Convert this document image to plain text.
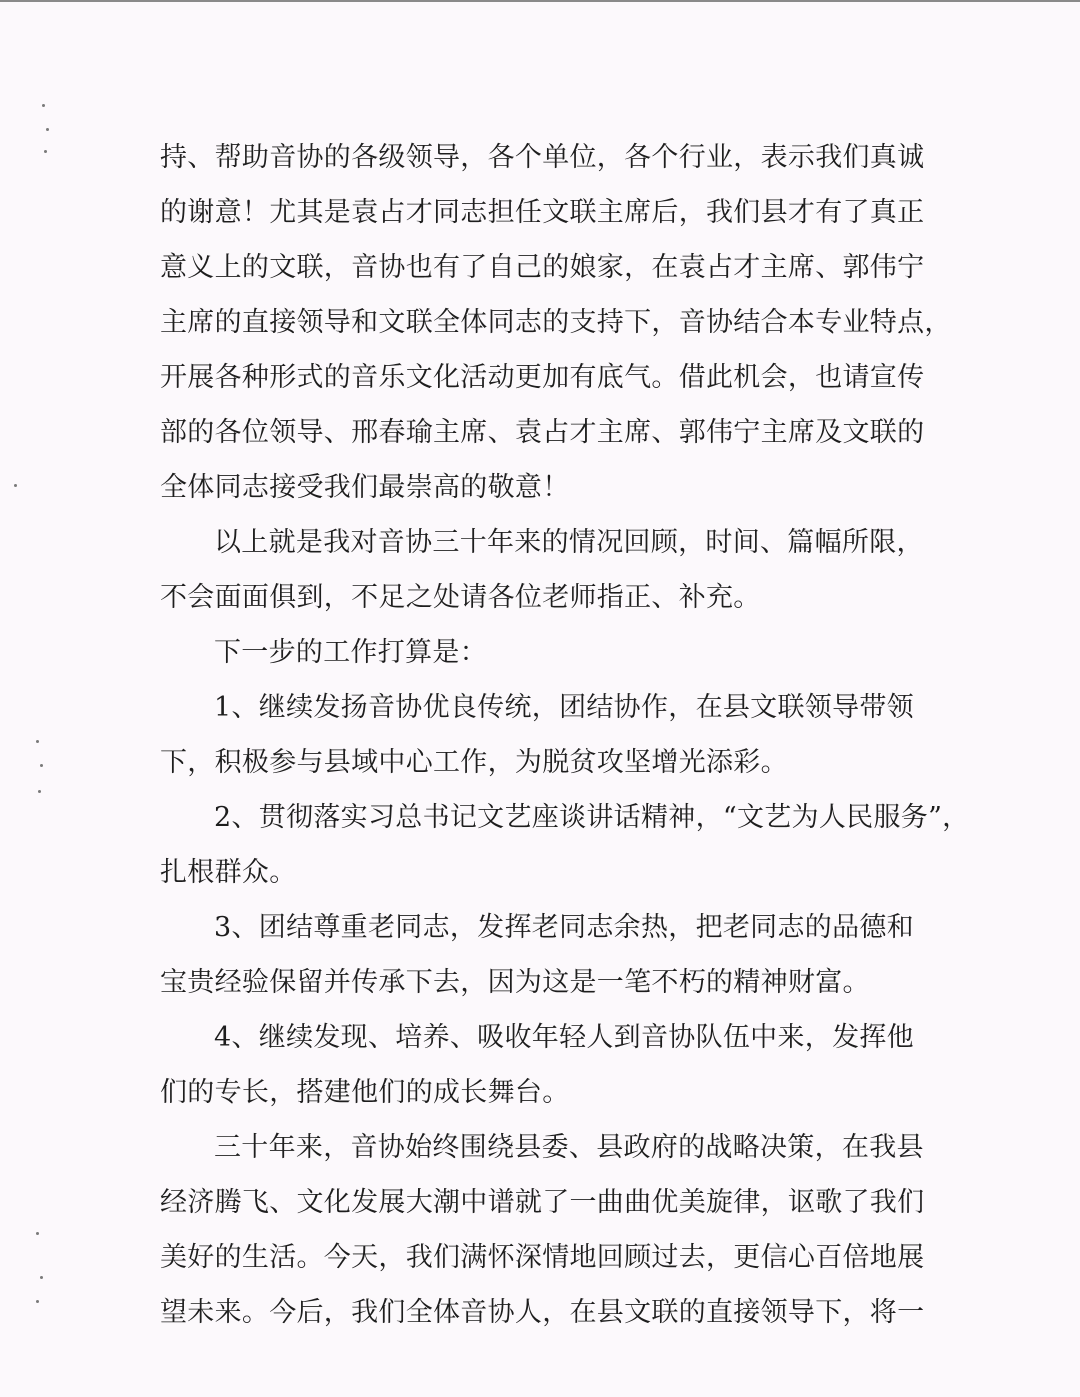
持、帮助音协的各级领导，各个单位，各个行业，表示我们真诚
的谢意！尤其是袁占才同志担任文联主席后，我们县才有了真正
意义上的文联，音协也有了自己的娘家，在袁占才主席、郭伟宁
主席的直接领导和文联全体同志的支持下，音协结合本专业特点，
开展各种形式的音乐文化活动更加有底气。借此机会，也请宣传
部的各位领导、邢春瑜主席、袁占才主席、郭伟宁主席及文联的
全体同志接受我们最崇高的敬意！
以上就是我对音协三十年来的情况回顾，时间、篇幅所限，
不会面面俱到，不足之处请各位老师指正、补充。
下一步的工作打算是：
1、继续发扬音协优良传统，团结协作，在县文联领导带领
下，积极参与县域中心工作，为脱贫攻坚增光添彩。
2、贯彻落实习总书记文艺座谈讲话精神，“文艺为人民服务”，
扎根群众。
3、团结尊重老同志，发挥老同志余热，把老同志的品德和
宝贵经验保留并传承下去，因为这是一笔不朽的精神财富。
4、继续发现、培养、吸收年轻人到音协队伍中来，发挥他
们的专长，搭建他们的成长舞台。
三十年来，音协始终围绕县委、县政府的战略决策，在我县
经济腾飞、文化发展大潮中谱就了一曲曲优美旋律，讴歌了我们
美好的生活。今天，我们满怀深情地回顾过去，更信心百倍地展
望未来。今后，我们全体音协人，在县文联的直接领导下，将一
